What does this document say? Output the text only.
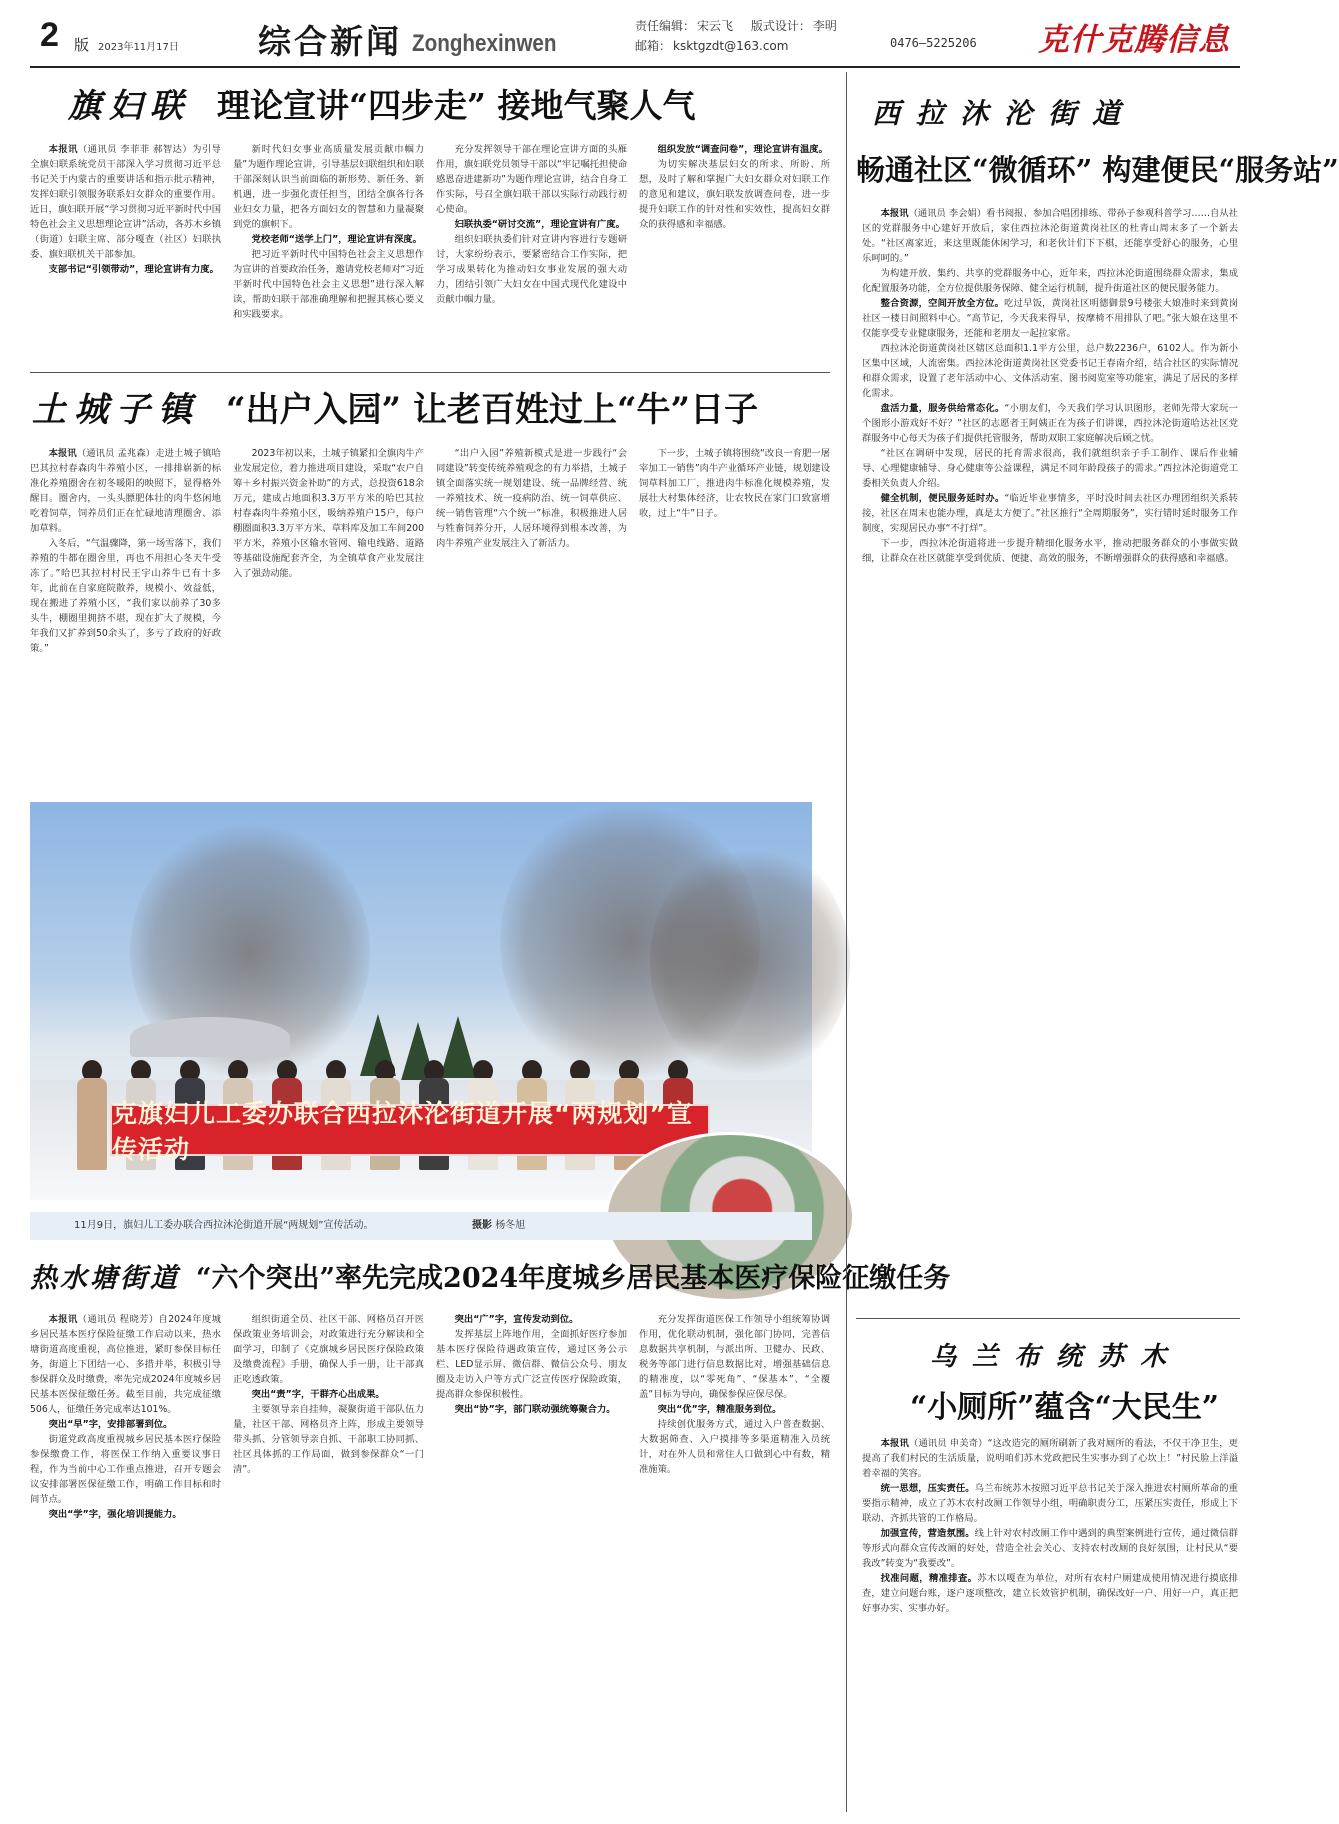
2 版 2023年11月17日 综合新闻 Zonghexinwen
责任编辑： 宋云飞 版式设计： 李明
邮箱： ksktgzdt@163.com	0476—5225206 克什克腾信息
旗妇联 理论宣讲“四步走” 接地气聚人气

本报讯（通讯员 李菲菲 郝智达）为引导全旗妇联系统党员干部深入学习贯彻习近平总书记关于内蒙古的重要讲话和指示批示精神，发挥妇联引领服务联系妇女群众的重要作用。近日，旗妇联开展“学习贯彻习近平新时代中国特色社会主义思想理论宣讲”活动，各苏木乡镇（街道）妇联主席、部分嘎查（社区）妇联执委、旗妇联机关干部参加。

支部书记“引领带动”，理论宣讲有力度。

新时代妇女事业高质量发展贡献巾帼力量”为题作理论宣讲，引导基层妇联组织和妇联干部深刻认识当前面临的新形势、新任务、新机遇，进一步强化责任担当，团结全旗各行各业妇女力量，把各方面妇女的智慧和力量凝聚到党的旗帜下。

党校老师“送学上门”，理论宣讲有深度。

把习近平新时代中国特色社会主义思想作为宣讲的首要政治任务，邀请党校老师对“习近平新时代中国特色社会主义思想”进行深入解读，帮助妇联干部准确理解和把握其核心要义和实践要求。

充分发挥领导干部在理论宣讲方面的头雁作用，旗妇联党员领导干部以“牢记嘱托担使命 感恩奋进建新功”为题作理论宣讲，结合自身工作实际，号召全旗妇联干部以实际行动践行初心使命。

妇联执委“研讨交流”，理论宣讲有广度。

组织妇联执委们针对宣讲内容进行专题研讨，大家纷纷表示，要紧密结合工作实际，把学习成果转化为推动妇女事业发展的强大动力，团结引领广大妇女在中国式现代化建设中贡献巾帼力量。

组织发放“调查问卷”，理论宣讲有温度。

为切实解决基层妇女的所求、所盼、所想，及时了解和掌握广大妇女群众对妇联工作的意见和建议，旗妇联发放调查问卷，进一步提升妇联工作的针对性和实效性，提高妇女群众的获得感和幸福感。

土城子镇 “出户入园” 让老百姓过上“牛”日子

本报讯（通讯员 孟兆森）走进土城子镇哈巴其拉村春森肉牛养殖小区，一排排崭新的标准化养殖圈舍在初冬暖阳的映照下，显得格外醒目。圈舍内，一头头膘肥体壮的肉牛悠闲地吃着饲草，饲养员们正在忙碌地清理圈舍、添加草料。

入冬后，“气温骤降，第一场雪落下，我们养殖的牛都在圈舍里，再也不用担心冬天牛受冻了。”哈巴其拉村村民王宇山养牛已有十多年，此前在自家庭院散养，规模小、效益低，现在搬进了养殖小区，“我们家以前养了30多头牛，棚圈里拥挤不堪，现在扩大了规模，今年我们又扩养到50余头了，多亏了政府的好政策。”

2023年初以来，土城子镇紧扣全旗肉牛产业发展定位，着力推进项目建设，采取“农户自筹＋乡村振兴资金补助”的方式，总投资618余万元，建成占地面积3.3万平方米的哈巴其拉村春森肉牛养殖小区，吸纳养殖户15户，每户棚圈面积3.3万平方米、草料库及加工车间200平方米，养殖小区输水管网、输电线路、道路等基础设施配套齐全，为全镇草食产业发展注入了强劲动能。

“出户入园”养殖新模式是进一步践行“会同建设”转变传统养殖观念的有力举措，土城子镇全面落实统一规划建设、统一品牌经营、统一养殖技术、统一疫病防治、统一饲草供应、统一销售管理“六个统一”标准，积极推进人居与牲畜饲养分开，人居环境得到根本改善，为肉牛养殖产业发展注入了新活力。

下一步，土城子镇将围绕“改良一育肥一屠宰加工一销售”肉牛产业循环产业链，规划建设饲草料加工厂，推进肉牛标准化规模养殖，发展壮大村集体经济，让农牧民在家门口致富增收，过上“牛”日子。

克旗妇儿工委办联合西拉沐沦街道开展“两规划”宣传活动
11月9日，旗妇儿工委办联合西拉沐沦街道开展“两规划”宣传活动。	摄影 杨冬旭
热水塘街道 “六个突出”率先完成2024年度城乡居民基本医疗保险征缴任务

本报讯（通讯员 程晓芳）自2024年度城乡居民基本医疗保险征缴工作启动以来，热水塘街道高度重视，高位推进，紧盯参保目标任务，街道上下团结一心、多措并举，积极引导参保群众及时缴费，率先完成2024年度城乡居民基本医保征缴任务。截至目前，共完成征缴506人，征缴任务完成率达101%。

突出“早”字，安排部署到位。

街道党政高度重视城乡居民基本医疗保险参保缴费工作，将医保工作纳入重要议事日程，作为当前中心工作重点推进，召开专题会议安排部署医保征缴工作，明确工作目标和时间节点。

突出“学”字，强化培训提能力。

组织街道全员、社区干部、网格员召开医保政策业务培训会，对政策进行充分解读和全面学习，印制了《克旗城乡居民医疗保险政策及缴费流程》手册，确保人手一册，让干部真正吃透政策。

突出“责”字，干群齐心出成果。

主要领导亲自挂帅，凝聚街道干部队伍力量，社区干部、网格员齐上阵，形成主要领导带头抓、分管领导亲自抓、干部职工协同抓、社区具体抓的工作局面，做到参保群众“一门清”。

突出“广”字，宣传发动到位。

发挥基层上阵地作用，全面抓好医疗参加基本医疗保险待遇政策宣传，通过区务公示栏、LED显示屏、微信群、微信公众号、朋友圈及走访入户等方式广泛宣传医疗保险政策，提高群众参保积极性。

突出“协”字，部门联动强统筹聚合力。

充分发挥街道医保工作领导小组统筹协调作用，优化联动机制，强化部门协同，完善信息数据共享机制，与派出所、卫健办、民政、税务等部门进行信息数据比对，增强基础信息的精准度，以“零死角”、“保基本”、“全覆盖”目标为导向，确保参保应保尽保。

突出“优”字，精准服务到位。

持续创优服务方式，通过入户普查数据、大数据筛查、入户摸排等多渠道精准入员统计，对在外人员和常住人口做到心中有数，精准施策。

西拉沐沦街道
畅通社区“微循环” 构建便民“服务站”

本报讯（通讯员 李会娟）看书阅报、参加合唱团排练、带孙子参观科普学习……自从社区的党群服务中心建好开放后，家住西拉沐沦街道黄岗社区的杜青山周末多了一个新去处。“社区离家近，来这里既能休闲学习，和老伙计们下下棋，还能享受舒心的服务，心里乐呵呵的。”

为构建开放、集约、共享的党群服务中心，近年来，西拉沐沦街道围绕群众需求，集成化配置服务功能，全方位提供服务保障、健全运行机制，提升街道社区的便民服务能力。

整合资源，空间开放全方位。吃过早饭，黄岗社区明德御景9号楼张大娘准时来到黄岗社区一楼日间照料中心。“高节记，今天我来得早，按摩椅不用排队了吧。”张大娘在这里不仅能享受专业健康服务，还能和老朋友一起拉家常。

西拉沐沦街道黄岗社区辖区总面积1.1平方公里，总户数2236户，6102人。作为新小区集中区域，人流密集。西拉沐沦街道黄岗社区党委书记王春南介绍，结合社区的实际情况和群众需求，设置了老年活动中心、文体活动室、图书阅览室等功能室，满足了居民的多样化需求。

盘活力量，服务供给常态化。“小朋友们，今天我们学习认识图形，老师先带大家玩一个图形小游戏好不好？”社区的志愿者王阿姨正在为孩子们讲课，西拉沐沦街道哈达社区党群服务中心每天为孩子们提供托管服务，帮助双职工家庭解决后顾之忧。

“社区在调研中发现，居民的托育需求很高，我们就组织亲子手工制作、课后作业辅导、心理健康辅导、身心健康等公益课程，满足不同年龄段孩子的需求。”西拉沐沦街道党工委相关负责人介绍。

健全机制，便民服务延时办。“临近毕业事情多，平时没时间去社区办理团组织关系转接，社区在周末也能办理，真是太方便了。”社区推行“全周期服务”，实行错时延时服务工作制度，实现居民办事“不打烊”。

下一步，西拉沐沦街道将进一步提升精细化服务水平，推动把服务群众的小事做实做细，让群众在社区就能享受到优质、便捷、高效的服务，不断增强群众的获得感和幸福感。

乌兰布统苏木
“小厕所”蕴含“大民生”

本报讯（通讯员 申美奇）“这改造完的厕所刷新了我对厕所的看法，不仅干净卫生，更提高了我们村民的生活质量，说明咱们苏木党政把民生实事办到了心坎上！”村民脸上洋溢着幸福的笑容。

统一思想，压实责任。乌兰布统苏木按照习近平总书记关于深入推进农村厕所革命的重要指示精神，成立了苏木农村改厕工作领导小组，明确职责分工，压紧压实责任，形成上下联动、齐抓共管的工作格局。

加强宣传，营造氛围。线上针对农村改厕工作中遇到的典型案例进行宣传，通过微信群等形式向群众宣传改厕的好处，营造全社会关心、支持农村改厕的良好氛围，让村民从“要我改”转变为“我要改”。

找准问题，精准排查。苏木以嘎查为单位，对所有农村户厕建成使用情况进行摸底排查，建立问题台账，逐户逐项整改，建立长效管护机制，确保改好一户、用好一户，真正把好事办实、实事办好。
